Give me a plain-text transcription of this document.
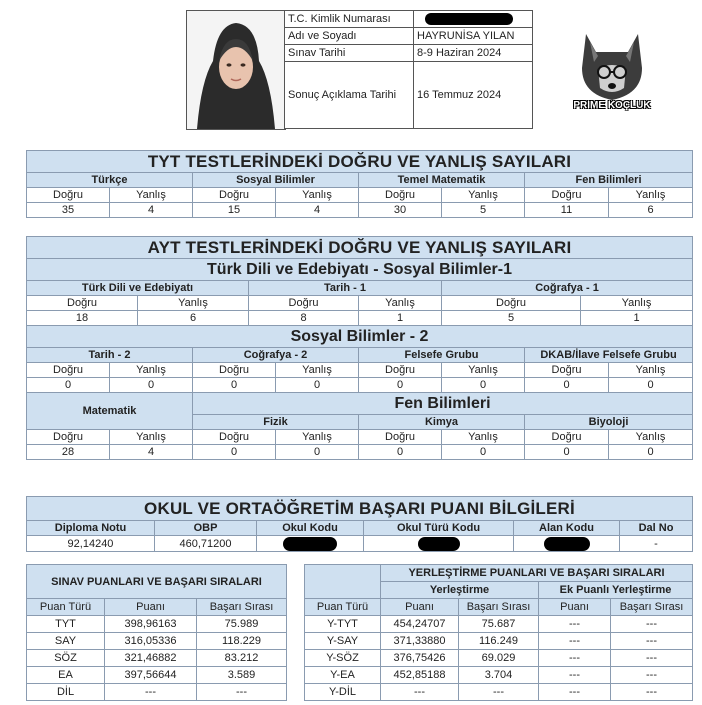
T.C. Kimlik Numarası	
Adı ve Soyadı	HAYRUNİSA YILAN
Sınav Tarihi	8-9 Haziran 2024
Sonuç Açıklama Tarihi	16 Temmuz 2024
PRIME KOÇLUK
TYT TESTLERİNDEKİ DOĞRU VE YANLIŞ SAYILARI							
Türkçe		Sosyal Bilimler		Temel Matematik		Fen Bilimleri	
Doğru	Yanlış	Doğru	Yanlış	Doğru	Yanlış	Doğru	Yanlış
35	4	15	4	30	5	11	6
AYT TESTLERİNDEKİ DOĞRU VE YANLIŞ SAYILARI										
Türk Dili ve Edebiyatı - Sosyal Bilimler-1										
Türk Dili ve Edebiyatı				Tarih - 1			Coğrafya - 1			
Doğru		Yanlış		Doğru		Yanlış	Doğru		Yanlış	
18		6		8		1	5		1	
Sosyal Bilimler - 2										
Tarih - 2			Coğrafya - 2			Felsefe Grubu		DKAB/İlave Felsefe Grubu		
Doğru	Yanlış		Doğru		Yanlış	Doğru	Yanlış	Doğru		Yanlış
0	0		0		0	0	0	0		0
Matematik			Fen Bilimleri							
			Fizik			Kimya		Biyoloji		
Doğru	Yanlış		Doğru		Yanlış	Doğru	Yanlış	Doğru		Yanlış
28	4		0		0	0	0	0		0
OKUL VE ORTAÖĞRETİM BAŞARI PUANI BİLGİLERİ					
Diploma Notu	OBP	Okul Kodu	Okul Türü Kodu	Alan Kodu	Dal No
92,14240	460,71200				-
SINAV PUANLARI VE BAŞARI SIRALARI		
Puan Türü	Puanı	Başarı Sırası
TYT	398,96163	75.989
SAY	316,05336	118.229
SÖZ	321,46882	83.212
EA	397,56644	3.589
DİL	---	---
	YERLEŞTİRME PUANLARI VE BAŞARI SIRALARI			
	Yerleştirme		Ek Puanlı Yerleştirme	
Puan Türü	Puanı	Başarı Sırası	Puanı	Başarı Sırası
Y-TYT	454,24707	75.687	---	---
Y-SAY	371,33880	116.249	---	---
Y-SÖZ	376,75426	69.029	---	---
Y-EA	452,85188	3.704	---	---
Y-DİL	---	---	---	---
